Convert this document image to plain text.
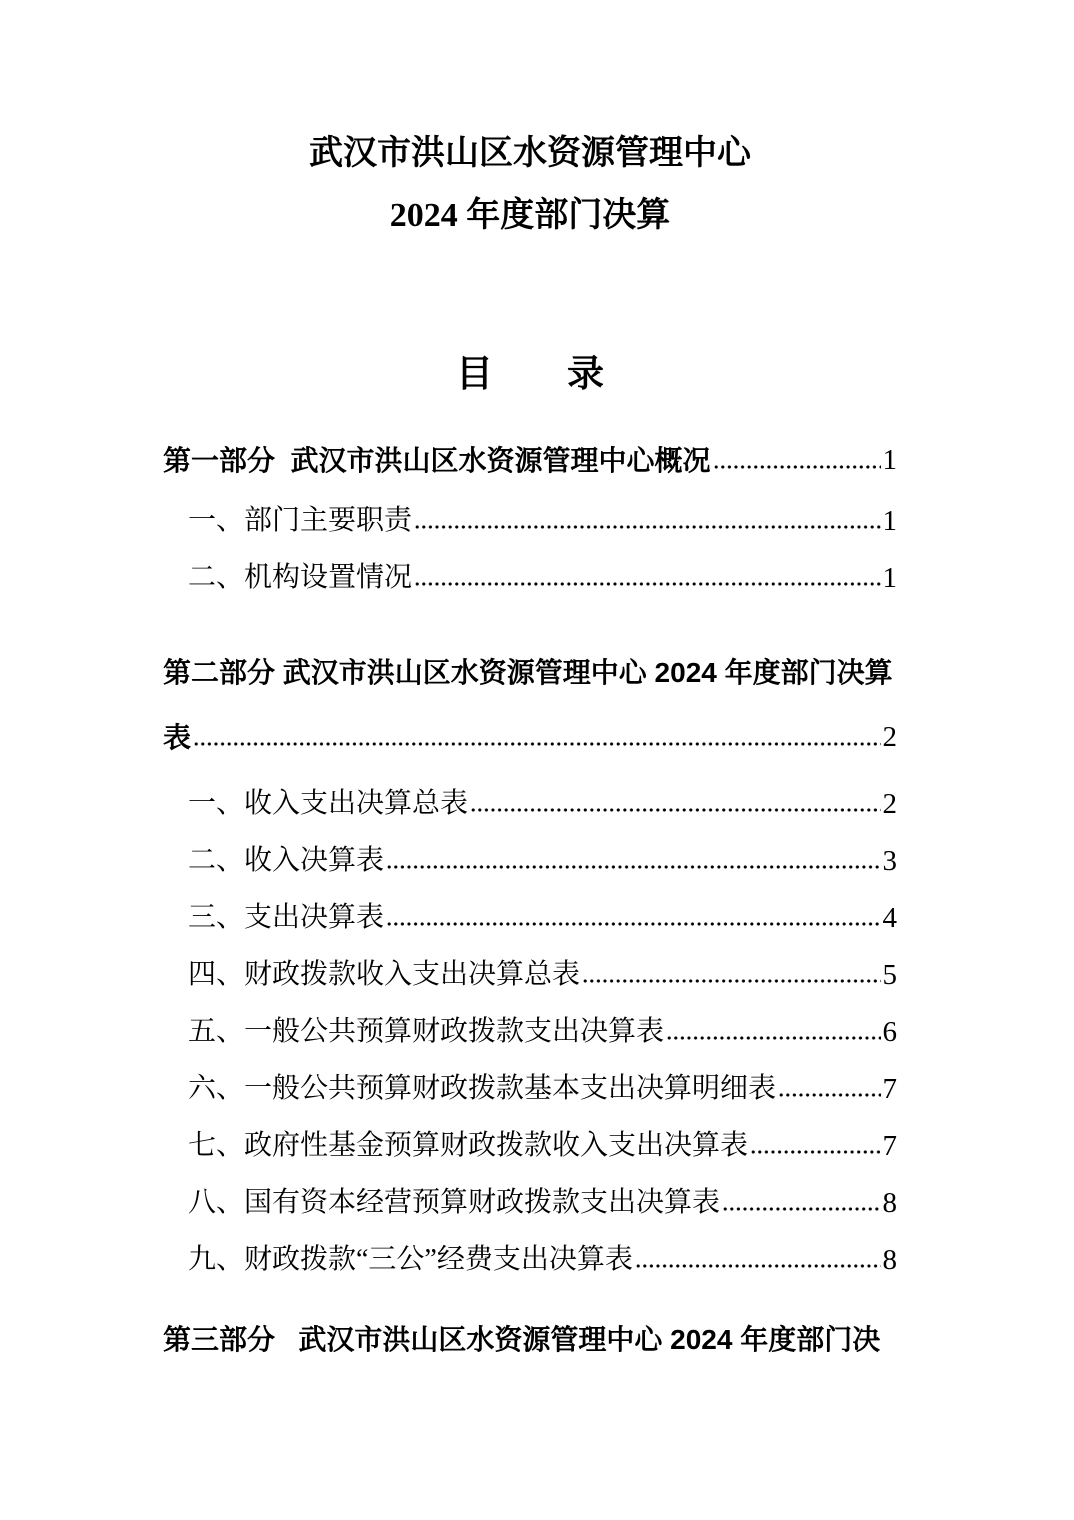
武汉市洪山区水资源管理中心
2024 年度部门决算
目　　录
第一部分  武汉市洪山区水资源管理中心概况	1
一、部门主要职责	1
二、机构设置情况	1
第二部分 武汉市洪山区水资源管理中心 2024 年度部门决算
表	2
一、收入支出决算总表	2
二、收入决算表	3
三、支出决算表	4
四、财政拨款收入支出决算总表	5
五、一般公共预算财政拨款支出决算表	6
六、一般公共预算财政拨款基本支出决算明细表	7
七、政府性基金预算财政拨款收入支出决算表	7
八、国有资本经营预算财政拨款支出决算表	8
九、财政拨款“三公”经费支出决算表	8
第三部分   武汉市洪山区水资源管理中心 2024 年度部门决
